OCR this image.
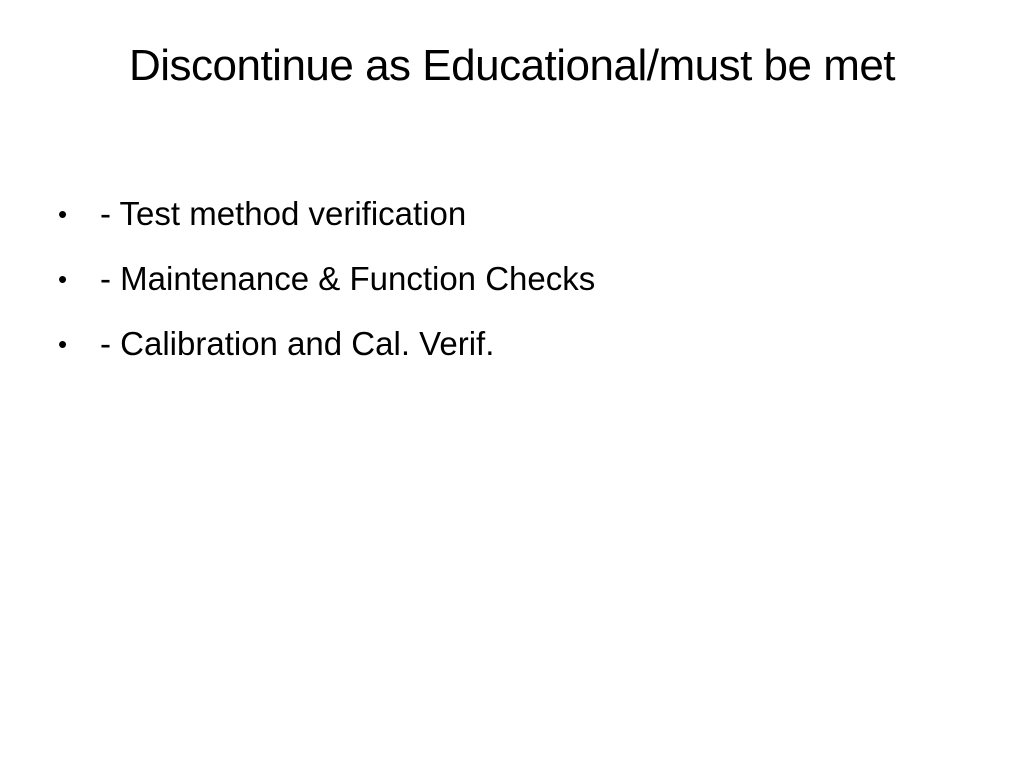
Discontinue as Educational/must be met
• - Test method verification
• - Maintenance & Function Checks
• - Calibration and Cal. Verif.
